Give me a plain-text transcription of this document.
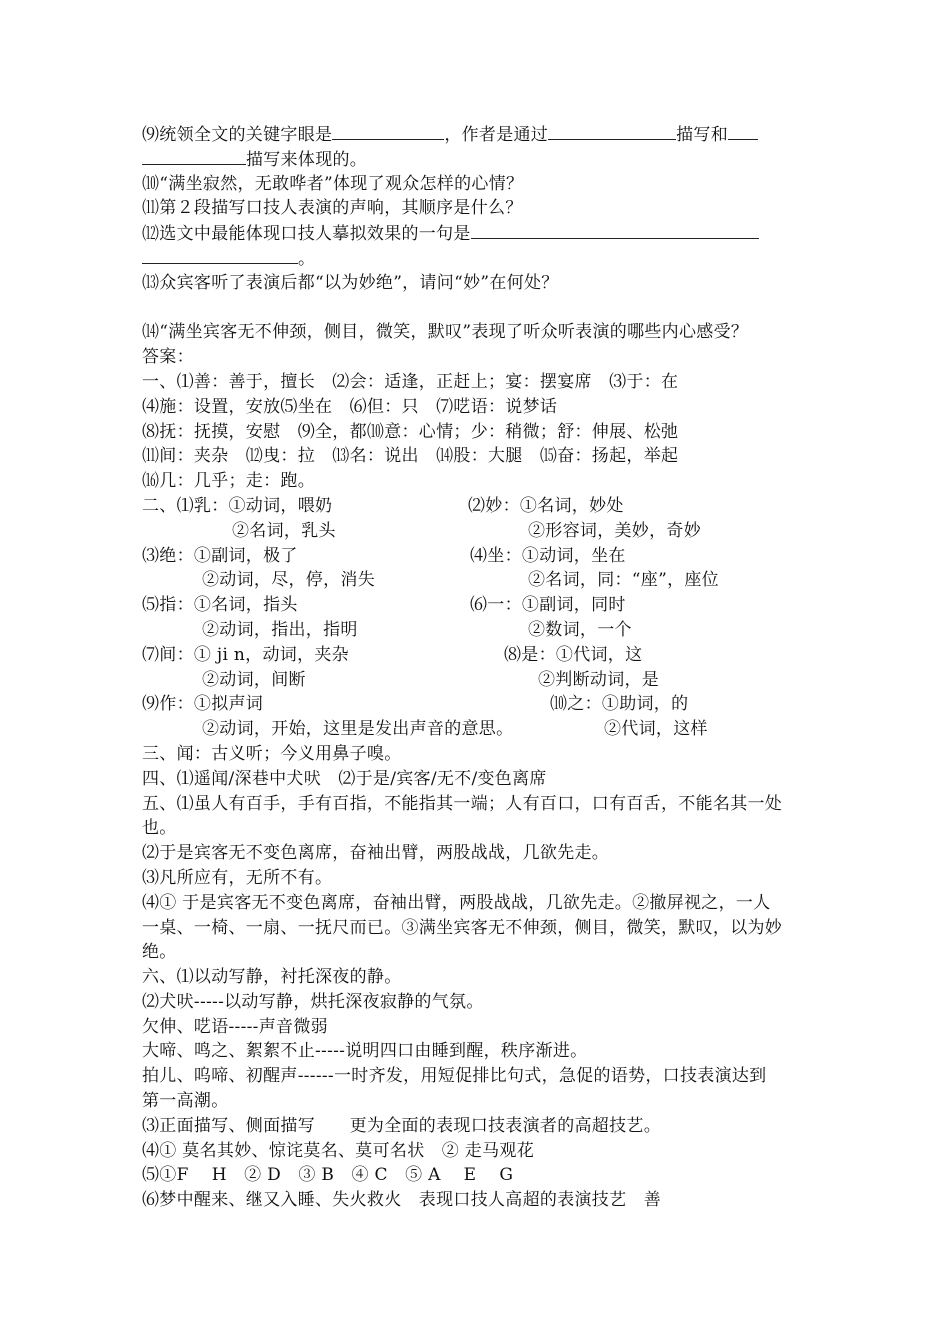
⑼统领全文的关键字眼是	，作者是通过	描写和
描写来体现的。
⑽“满坐寂然，无敢哗者”体现了观众怎样的心情？
⑾第２段描写口技人表演的声响，其顺序是什么？
⑿选文中最能体现口技人摹拟效果的一句是
。
⒀众宾客听了表演后都“以为妙绝”，请问“妙”在何处？
⒁“满坐宾客无不伸颈，侧目，微笑，默叹”表现了听众听表演的哪些内心感受？
答案：
一、⑴善：善于，擅长　⑵会：适逢，正赶上；宴：摆宴席　⑶于：在
⑷施：设置，安放⑸坐在　⑹但：只　⑺呓语：说梦话
⑻抚：抚摸，安慰　⑼全，都⑽意：心情；少：稍微；舒：伸展、松弛
⑾间：夹杂　⑿曳：拉　⒀名：说出　⒁股：大腿　⒂奋：扬起，举起
⒃几：几乎；走：跑。
二、⑴乳：①动词，喂奶	⑵妙：①名词，妙处
②名词，乳头	②形容词，美妙，奇妙
⑶绝：①副词，极了	⑷坐：①动词，坐在
②动词，尽，停，消失	②名词，同：“座”，座位
⑸指：①名词，指头	⑹一：①副词，同时
②动词，指出，指明	②数词，一个
⑺间：① ji n，动词，夹杂	⑻是：①代词，这
②动词，间断	②判断动词，是
⑼作：①拟声词	⑽之：①助词，的
②动词，开始，这里是发出声音的意思。	②代词，这样
三、闻：古义听；今义用鼻子嗅。
四、⑴遥闻/深巷中犬吠　⑵于是/宾客/无不/变色离席
五、⑴虽人有百手，手有百指，不能指其一端；人有百口，口有百舌，不能名其一处
也。
⑵于是宾客无不变色离席，奋袖出臂，两股战战，几欲先走。
⑶凡所应有，无所不有。
⑷① 于是宾客无不变色离席，奋袖出臂，两股战战，几欲先走。②撤屏视之，一人
一桌、一椅、一扇、一抚尺而已。③满坐宾客无不伸颈，侧目，微笑，默叹，以为妙
绝。
六、⑴以动写静，衬托深夜的静。
⑵犬吠-----以动写静，烘托深夜寂静的气氛。
欠伸、呓语-----声音微弱
大啼、鸣之、絮絮不止-----说明四口由睡到醒，秩序渐进。
拍儿、呜啼、初醒声------一时齐发，用短促排比句式，急促的语势，口技表演达到
第一高潮。
⑶正面描写、侧面描写　　更为全面的表现口技表演者的高超技艺。
⑷① 莫名其妙、惊诧莫名、莫可名状　② 走马观花
⑸①F　 H　② D　③ B　④ C　⑤ A　 E　 G
⑹梦中醒来、继又入睡、失火救火　表现口技人高超的表演技艺　善
